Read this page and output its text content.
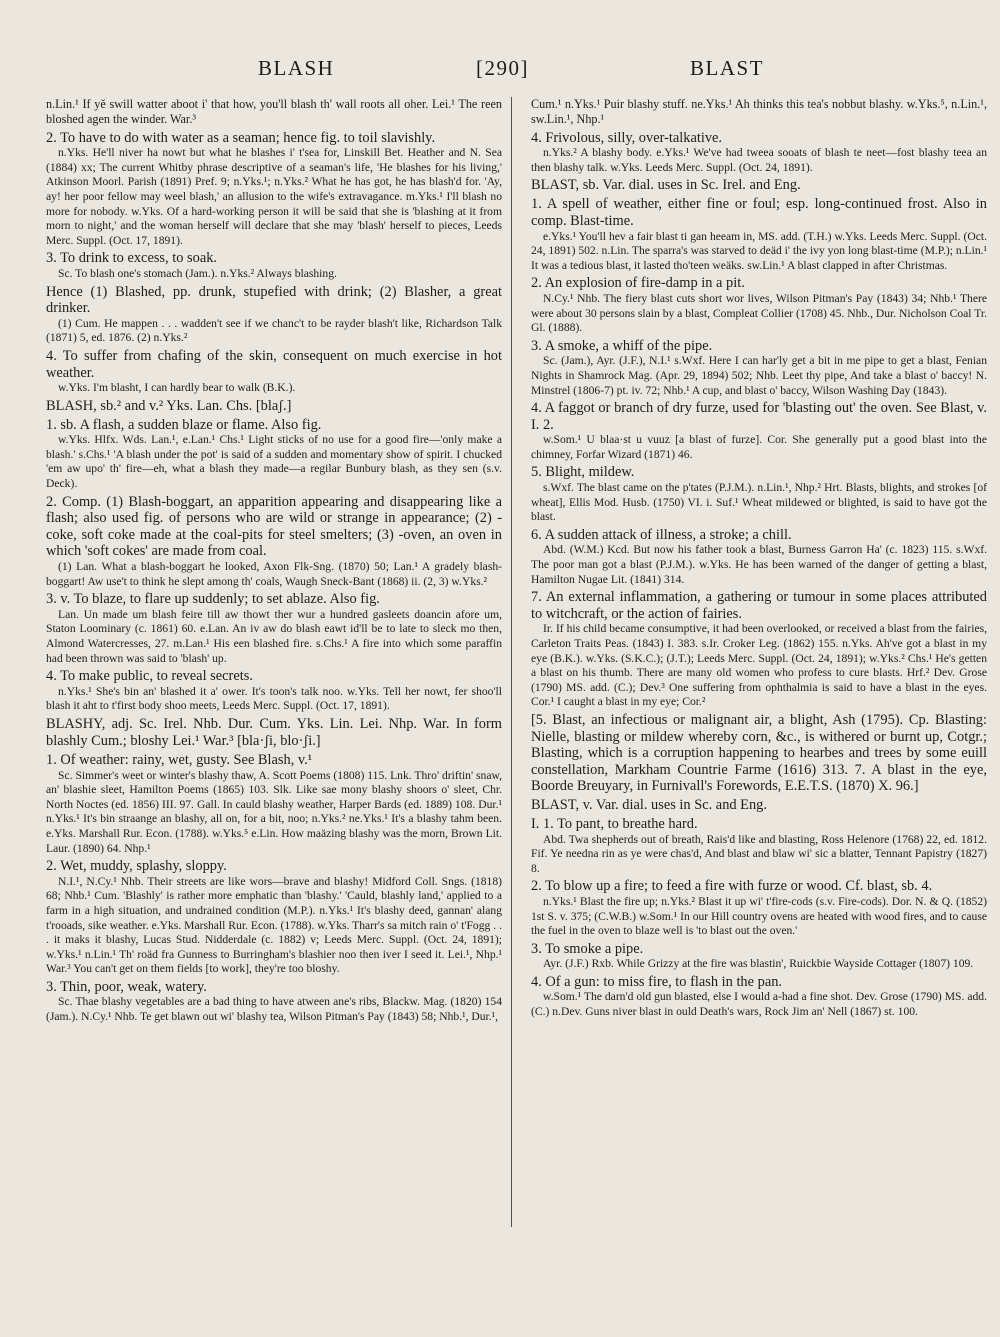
BLASH	[290]	BLAST

n.Lin.¹ If yĕ swill watter aboot i' that how, you'll blash th' wall roots all oher. Lei.¹ The reen bloshed agen the winder. War.³

2. To have to do with water as a seaman; hence fig. to toil slavishly.

n.Yks. He'll niver ha nowt but what he blashes i' t'sea for, Linskill Bet. Heather and N. Sea (1884) xx; The current Whitby phrase descriptive of a seaman's life, 'He blashes for his living,' Atkinson Moorl. Parish (1891) Pref. 9; n.Yks.¹; n.Yks.² What he has got, he has blash'd for. 'Ay, ay! her poor fellow may weel blash,' an allusion to the wife's extravagance. m.Yks.¹ I'll blash no more for nobody. w.Yks. Of a hard-working person it will be said that she is 'blashing at it from morn to night,' and the woman herself will declare that she may 'blash' herself to pieces, Leeds Merc. Suppl. (Oct. 17, 1891).

3. To drink to excess, to soak.

Sc. To blash one's stomach (Jam.). n.Yks.² Always blashing.

Hence (1) Blashed, pp. drunk, stupefied with drink; (2) Blasher, a great drinker.

(1) Cum. He mappen . . . wadden't see if we chanc't to be rayder blash't like, Richardson Talk (1871) 5, ed. 1876. (2) n.Yks.²

4. To suffer from chafing of the skin, consequent on much exercise in hot weather.

w.Yks. I'm blasht, I can hardly bear to walk (B.K.).

BLASH, sb.² and v.² Yks. Lan. Chs. [blaʃ.]

1. sb. A flash, a sudden blaze or flame. Also fig.

w.Yks. Hlfx. Wds. Lan.¹, e.Lan.¹ Chs.¹ Light sticks of no use for a good fire—'only make a blash.' s.Chs.¹ 'A blash under the pot' is said of a sudden and momentary show of spirit. I chucked 'em aw upo' th' fire—eh, what a blash they made—a regilar Bunbury blash, as they sen (s.v. Deck).

2. Comp. (1) Blash-boggart, an apparition appearing and disappearing like a flash; also used fig. of persons who are wild or strange in appearance; (2) -coke, soft coke made at the coal-pits for steel smelters; (3) -oven, an oven in which 'soft cokes' are made from coal.

(1) Lan. What a blash-boggart he looked, Axon Flk-Sng. (1870) 50; Lan.¹ A gradely blash-boggart! Aw use't to think he slept among th' coals, Waugh Sneck-Bant (1868) ii. (2, 3) w.Yks.²

3. v. To blaze, to flare up suddenly; to set ablaze. Also fig.

Lan. Un made um blash feire till aw thowt ther wur a hundred gasleets doancin afore um, Staton Loominary (c. 1861) 60. e.Lan. An iv aw do blash eawt id'll be to late to sleck mo then, Almond Watercresses, 27. m.Lan.¹ His een blashed fire. s.Chs.¹ A fire into which some paraffin had been thrown was said to 'blash' up.

4. To make public, to reveal secrets.

n.Yks.¹ She's bin an' blashed it a' ower. It's toon's talk noo. w.Yks. Tell her nowt, fer shoo'll blash it aht to t'first body shoo meets, Leeds Merc. Suppl. (Oct. 17, 1891).

BLASHY, adj. Sc. Irel. Nhb. Dur. Cum. Yks. Lin. Lei. Nhp. War. In form blashly Cum.; bloshy Lei.¹ War.³ [bla·ʃi, blo·ʃi.]

1. Of weather: rainy, wet, gusty. See Blash, v.¹

Sc. Simmer's weet or winter's blashy thaw, A. Scott Poems (1808) 115. Lnk. Thro' driftin' snaw, an' blashie sleet, Hamilton Poems (1865) 103. Slk. Like sae mony blashy shoors o' sleet, Chr. North Noctes (ed. 1856) III. 97. Gall. In cauld blashy weather, Harper Bards (ed. 1889) 108. Dur.¹ n.Yks.¹ It's bin straange an blashy, all on, for a bit, noo; n.Yks.² ne.Yks.¹ It's a blashy tahm been. e.Yks. Marshall Rur. Econ. (1788). w.Yks.⁵ e.Lin. How maäzing blashy was the morn, Brown Lit. Laur. (1890) 64. Nhp.¹

2. Wet, muddy, splashy, sloppy.

N.I.¹, N.Cy.¹ Nhb. Their streets are like wors—brave and blashy! Midford Coll. Sngs. (1818) 68; Nhb.¹ Cum. 'Blashly' is rather more emphatic than 'blashy.' 'Cauld, blashly land,' applied to a farm in a high situation, and undrained condition (M.P.). n.Yks.¹ It's blashy deed, gannan' alang t'rooads, sike weather. e.Yks. Marshall Rur. Econ. (1788). w.Yks. Tharr's sa mitch rain o' t'Fogg . . . it maks it blashy, Lucas Stud. Nidderdale (c. 1882) v; Leeds Merc. Suppl. (Oct. 24, 1891); w.Yks.¹ n.Lin.¹ Th' roäd fra Gunness to Burringham's blashier noo then iver I seed it. Lei.¹, Nhp.¹ War.³ You can't get on them fields [to work], they're too bloshy.

3. Thin, poor, weak, watery.

Sc. Thae blashy vegetables are a bad thing to have atween ane's ribs, Blackw. Mag. (1820) 154 (Jam.). N.Cy.¹ Nhb. Te get blawn out wi' blashy tea, Wilson Pitman's Pay (1843) 58; Nhb.¹, Dur.¹,

Cum.¹ n.Yks.¹ Puir blashy stuff. ne.Yks.¹ Ah thinks this tea's nobbut blashy. w.Yks.⁵, n.Lin.¹, sw.Lin.¹, Nhp.¹

4. Frivolous, silly, over-talkative.

n.Yks.² A blashy body. e.Yks.¹ We've had tweea sooats of blash te neet—fost blashy teea an then blashy talk. w.Yks. Leeds Merc. Suppl. (Oct. 24, 1891).

BLAST, sb. Var. dial. uses in Sc. Irel. and Eng.

1. A spell of weather, either fine or foul; esp. long-continued frost. Also in comp. Blast-time.

e.Yks.¹ You'll hev a fair blast ti gan heeam in, MS. add. (T.H.) w.Yks. Leeds Merc. Suppl. (Oct. 24, 1891) 502. n.Lin. The sparra's was starved to deäd i' the ivy yon long blast-time (M.P.); n.Lin.¹ It was a tedious blast, it lasted tho'teen weäks. sw.Lin.¹ A blast clapped in after Christmas.

2. An explosion of fire-damp in a pit.

N.Cy.¹ Nhb. The fiery blast cuts short wor lives, Wilson Pitman's Pay (1843) 34; Nhb.¹ There were about 30 persons slain by a blast, Compleat Collier (1708) 45. Nhb., Dur. Nicholson Coal Tr. Gl. (1888).

3. A smoke, a whiff of the pipe.

Sc. (Jam.), Ayr. (J.F.), N.I.¹ s.Wxf. Here I can har'ly get a bit in me pipe to get a blast, Fenian Nights in Shamrock Mag. (Apr. 29, 1894) 502; Nhb. Leet thy pipe, And take a blast o' baccy! N. Minstrel (1806-7) pt. iv. 72; Nhb.¹ A cup, and blast o' baccy, Wilson Washing Day (1843).

4. A faggot or branch of dry furze, used for 'blasting out' the oven. See Blast, v. I. 2.

w.Som.¹ U blaa·st u vuuz [a blast of furze]. Cor. She generally put a good blast into the chimney, Forfar Wizard (1871) 46.

5. Blight, mildew.

s.Wxf. The blast came on the p'tates (P.J.M.). n.Lin.¹, Nhp.² Hrt. Blasts, blights, and strokes [of wheat], Ellis Mod. Husb. (1750) VI. i. Suf.¹ Wheat mildewed or blighted, is said to have got the blast.

6. A sudden attack of illness, a stroke; a chill.

Abd. (W.M.) Kcd. But now his father took a blast, Burness Garron Ha' (c. 1823) 115. s.Wxf. The poor man got a blast (P.J.M.). w.Yks. He has been warned of the danger of getting a blast, Hamilton Nugae Lit. (1841) 314.

7. An external inflammation, a gathering or tumour in some places attributed to witchcraft, or the action of fairies.

Ir. If his child became consumptive, it had been overlooked, or received a blast from the fairies, Carleton Traits Peas. (1843) I. 383. s.Ir. Croker Leg. (1862) 155. n.Yks. Ah've got a blast in my eye (B.K.). w.Yks. (S.K.C.); (J.T.); Leeds Merc. Suppl. (Oct. 24, 1891); w.Yks.² Chs.¹ He's getten a blast on his thumb. There are many old women who profess to cure blasts. Hrf.² Dev. Grose (1790) MS. add. (C.); Dev.³ One suffering from ophthalmia is said to have a blast in the eyes. Cor.¹ I caught a blast in my eye; Cor.²

[5. Blast, an infectious or malignant air, a blight, Ash (1795). Cp. Blasting: Nielle, blasting or mildew whereby corn, &c., is withered or burnt up, Cotgr.; Blasting, which is a corruption happening to hearbes and trees by some euill constellation, Markham Countrie Farme (1616) 313. 7. A blast in the eye, Boorde Breuyary, in Furnivall's Forewords, E.E.T.S. (1870) X. 96.]

BLAST, v. Var. dial. uses in Sc. and Eng.

I. 1. To pant, to breathe hard.

Abd. Twa shepherds out of breath, Rais'd like and blasting, Ross Helenore (1768) 22, ed. 1812. Fif. Ye needna rin as ye were chas'd, And blast and blaw wi' sic a blatter, Tennant Papistry (1827) 8.

2. To blow up a fire; to feed a fire with furze or wood. Cf. blast, sb. 4.

n.Yks.¹ Blast the fire up; n.Yks.² Blast it up wi' t'fire-cods (s.v. Fire-cods). Dor. N. & Q. (1852) 1st S. v. 375; (C.W.B.) w.Som.¹ In our Hill country ovens are heated with wood fires, and to cause the fuel in the oven to blaze well is 'to blast out the oven.'

3. To smoke a pipe.

Ayr. (J.F.) Rxb. While Grizzy at the fire was blastin', Ruickbie Wayside Cottager (1807) 109.

4. Of a gun: to miss fire, to flash in the pan.

w.Som.¹ The darn'd old gun blasted, else I would a-had a fine shot. Dev. Grose (1790) MS. add. (C.) n.Dev. Guns niver blast in ould Death's wars, Rock Jim an' Nell (1867) st. 100.
